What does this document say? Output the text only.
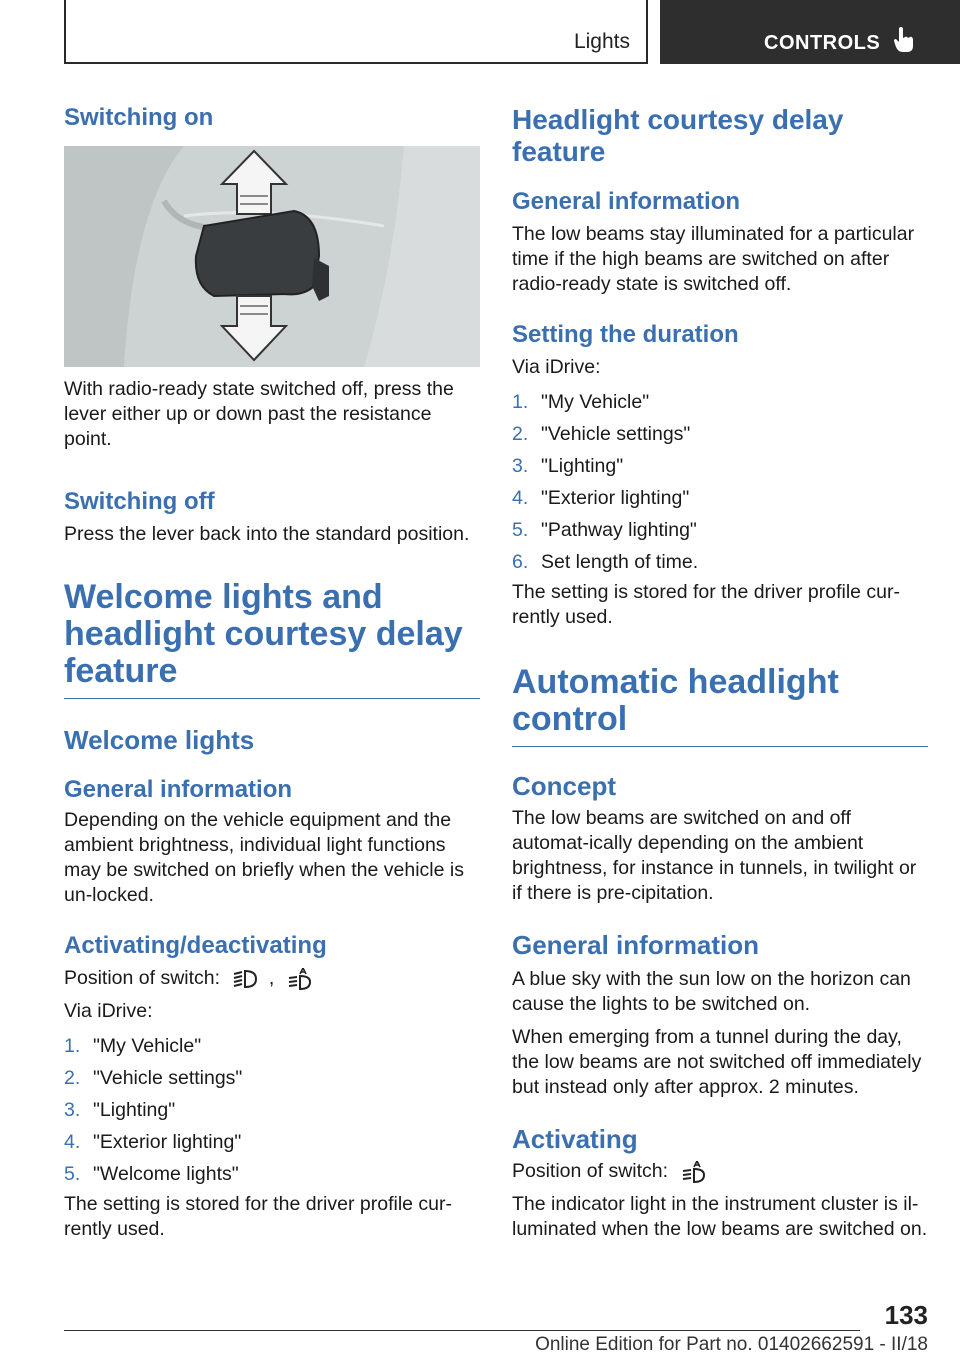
Lights	CONTROLS
Switching on

With radio-ready state switched off, press the lever either up or down past the resistance point.

Switching off

Press the lever back into the standard position.

Welcome lights and headlight courtesy delay feature
Welcome lights
General information

Depending on the vehicle equipment and the ambient brightness, individual light functions may be switched on briefly when the vehicle is un-locked.

Activating/deactivating

Position of switch:	,

Via iDrive:

1. "My Vehicle"
2. "Vehicle settings"
3. "Lighting"
4. "Exterior lighting"
5. "Welcome lights"

The setting is stored for the driver profile cur-rently used.

Headlight courtesy delay feature
General information

The low beams stay illuminated for a particular time if the high beams are switched on after radio-ready state is switched off.

Setting the duration

Via iDrive:

1. "My Vehicle"
2. "Vehicle settings"
3. "Lighting"
4. "Exterior lighting"
5. "Pathway lighting"
6. Set length of time.

The setting is stored for the driver profile cur-rently used.

Automatic headlight control
Concept

The low beams are switched on and off automat-ically depending on the ambient brightness, for instance in tunnels, in twilight or if there is pre-cipitation.

General information

A blue sky with the sun low on the horizon can cause the lights to be switched on.

When emerging from a tunnel during the day, the low beams are not switched off immediately but instead only after approx. 2 minutes.

Activating

Position of switch:

The indicator light in the instrument cluster is il-luminated when the low beams are switched on.

133
Online Edition for Part no. 01402662591 - II/18
